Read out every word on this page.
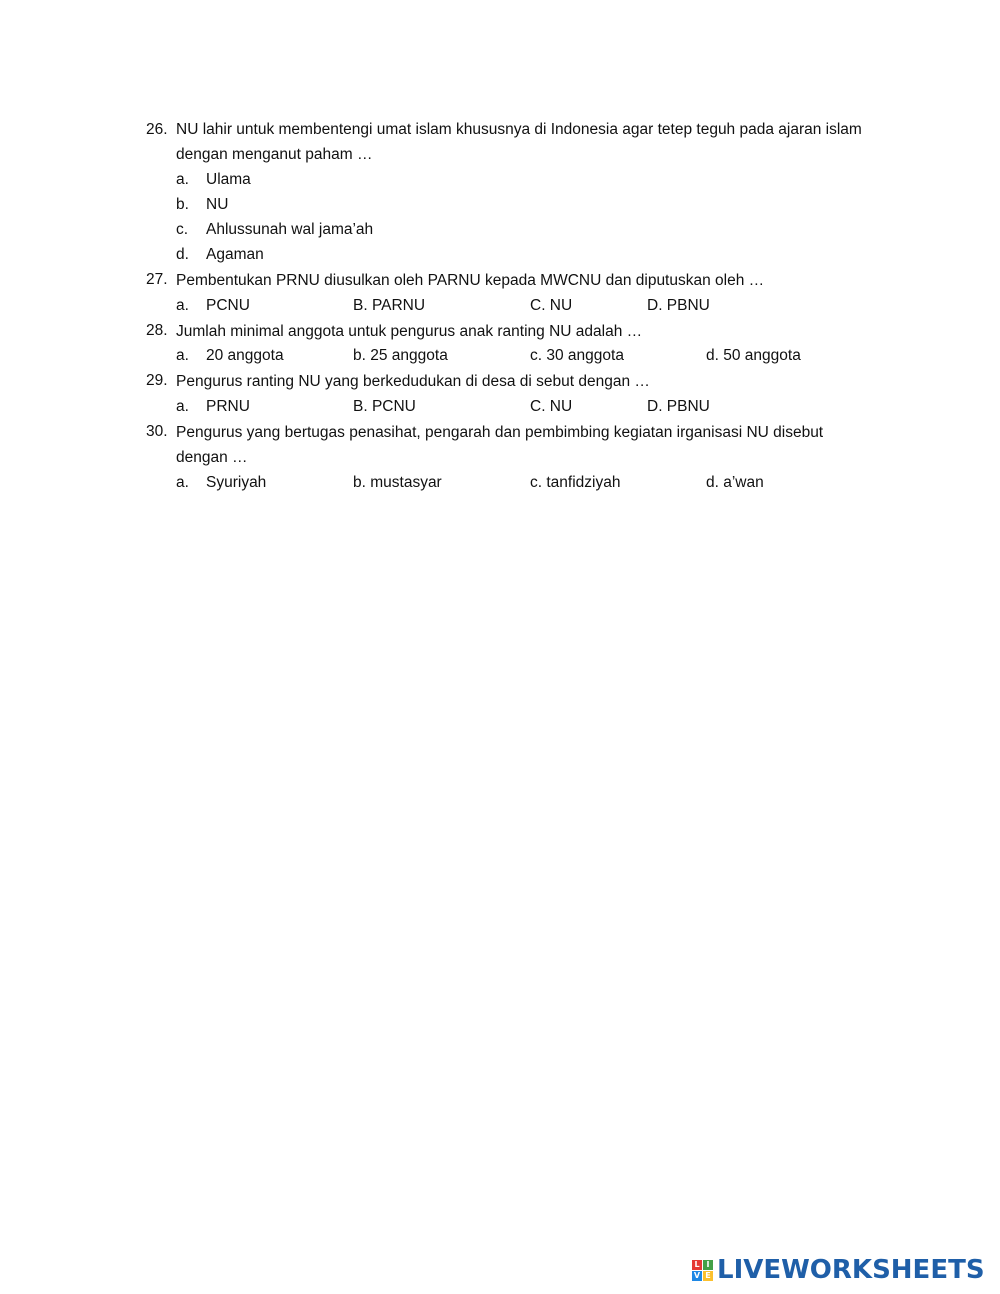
26. NU lahir untuk membentengi umat islam khususnya di Indonesia agar tetep teguh pada ajaran islam dengan menganut paham …
a. Ulama
b. NU
c. Ahlussunah wal jama’ah
d. Agaman
27. Pembentukan PRNU diusulkan oleh PARNU kepada MWCNU dan diputuskan oleh …
a. PCNU	B. PARNU	C. NU	D. PBNU
28. Jumlah minimal anggota untuk pengurus anak ranting NU adalah …
a. 20 anggota	b. 25 anggota	c. 30 anggota	d. 50 anggota
29. Pengurus ranting NU yang berkedudukan di desa di sebut dengan …
a. PRNU	B. PCNU	C. NU	D. PBNU
30. Pengurus yang bertugas penasihat, pengarah dan pembimbing kegiatan irganisasi NU disebut dengan …
a. Syuriyah	b. mustasyar	c. tanfidziyah	d. a’wan
L I
V E LIVEWORKSHEETS
